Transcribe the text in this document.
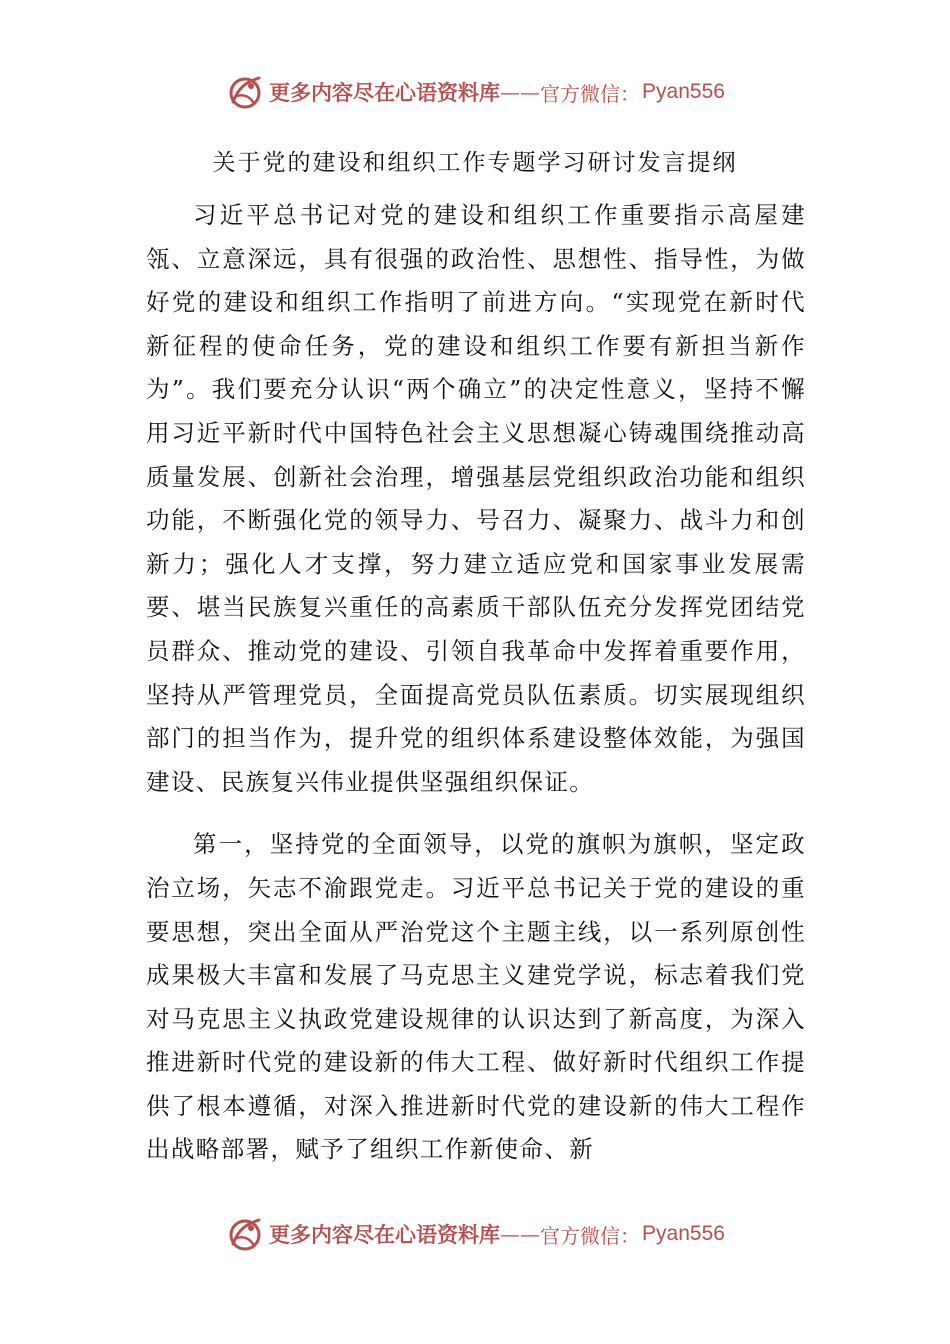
更多内容尽在心语资料库 —— 官方微信： Pyan556
关于党的建设和组织工作专题学习研讨发言提纲

习近平总书记对党的建设和组织工作重要指示高屋建瓴、立意深远，具有很强的政治性、思想性、指导性，为做好党的建设和组织工作指明了前进方向。“实现党在新时代新征程的使命任务，党的建设和组织工作要有新担当新作为”。我们要充分认识“两个确立”的决定性意义，坚持不懈用习近平新时代中国特色社会主义思想凝心铸魂围绕推动高质量发展、创新社会治理，增强基层党组织政治功能和组织功能，不断强化党的领导力、号召力、凝聚力、战斗力和创新力；强化人才支撑，努力建立适应党和国家事业发展需要、堪当民族复兴重任的高素质干部队伍充分发挥党团结党员群众、推动党的建设、引领自我革命中发挥着重要作用，坚持从严管理党员，全面提高党员队伍素质。切实展现组织部门的担当作为，提升党的组织体系建设整体效能，为强国建设、民族复兴伟业提供坚强组织保证。

第一，坚持党的全面领导，以党的旗帜为旗帜，坚定政治立场，矢志不渝跟党走。习近平总书记关于党的建设的重要思想，突出全面从严治党这个主题主线，以一系列原创性成果极大丰富和发展了马克思主义建党学说，标志着我们党对马克思主义执政党建设规律的认识达到了新高度，为深入推进新时代党的建设新的伟大工程、做好新时代组织工作提供了根本遵循，对深入推进新时代党的建设新的伟大工程作出战略部署，赋予了组织工作新使命、新

更多内容尽在心语资料库 —— 官方微信： Pyan556
